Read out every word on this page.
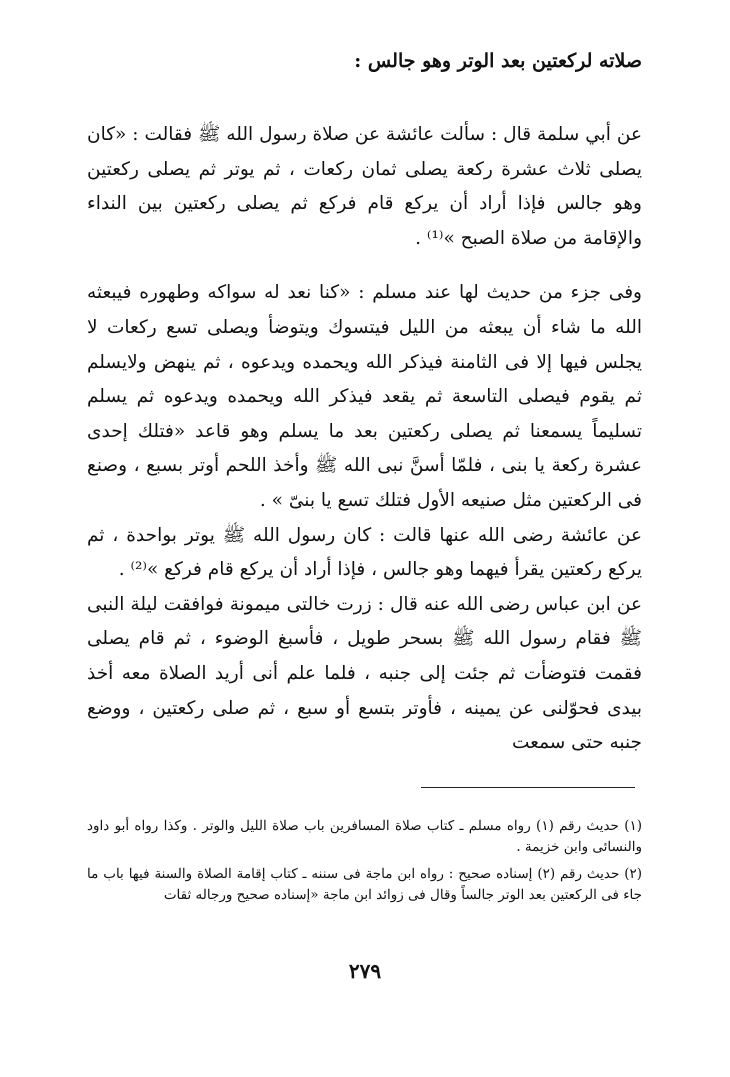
صلاته لركعتين بعد الوتر وهو جالس :

عن أبي سلمة قال : سألت عائشة عن صلاة رسول الله ﷺ فقالت : «كان يصلى ثلاث عشرة ركعة يصلى ثمان ركعات ، ثم يوتر ثم يصلى ركعتين وهو جالس فإذا أراد أن يركع قام فركع ثم يصلى ركعتين بين النداء والإقامة من صلاة الصبح »⁽¹⁾ .

وفى جزء من حديث لها عند مسلم : «كنا نعد له سواكه وطهوره فيبعثه الله ما شاء أن يبعثه من الليل فيتسوك ويتوضأ ويصلى تسع ركعات لا يجلس فيها إلا فى الثامنة فيذكر الله ويحمده ويدعوه ، ثم ينهض ولايسلم ثم يقوم فيصلى التاسعة ثم يقعد فيذكر الله ويحمده ويدعوه ثم يسلم تسليماً يسمعنا ثم يصلى ركعتين بعد ما يسلم وهو قاعد «فتلك إحدى عشرة ركعة يا بنى ، فلمّا أسنَّ نبى الله ﷺ وأخذ اللحم أوتر بسبع ، وصنع فى الركعتين مثل صنيعه الأول فتلك تسع يا بنىّ » .

عن عائشة رضى الله عنها قالت : كان رسول الله ﷺ يوتر بواحدة ، ثم يركع ركعتين يقرأ فيهما وهو جالس ، فإذا أراد أن يركع قام فركع »⁽²⁾ .

عن ابن عباس رضى الله عنه قال : زرت خالتى ميمونة فوافقت ليلة النبى ﷺ فقام رسول الله ﷺ بسحر طويل ، فأسبغ الوضوء ، ثم قام يصلى فقمت فتوضأت ثم جئت إلى جنبه ، فلما علم أنى أريد الصلاة معه أخذ بيدى فحوّلنى عن يمينه ، فأوتر بتسع أو سبع ، ثم صلى ركعتين ، ووضع جنبه حتى سمعت

(١) حديث رقم (١) رواه مسلم ـ كتاب صلاة المسافرين باب صلاة الليل والوتر . وكذا رواه أبو داود والنسائى وابن خزيمة .

(٢) حديث رقم (٢) إسناده صحيح : رواه ابن ماجة فى سننه ـ كتاب إقامة الصلاة والسنة فيها باب ما جاء فى الركعتين بعد الوتر جالساً وقال فى زوائد ابن ماجة «إسناده صحيح ورجاله ثقات

٢٧٩
